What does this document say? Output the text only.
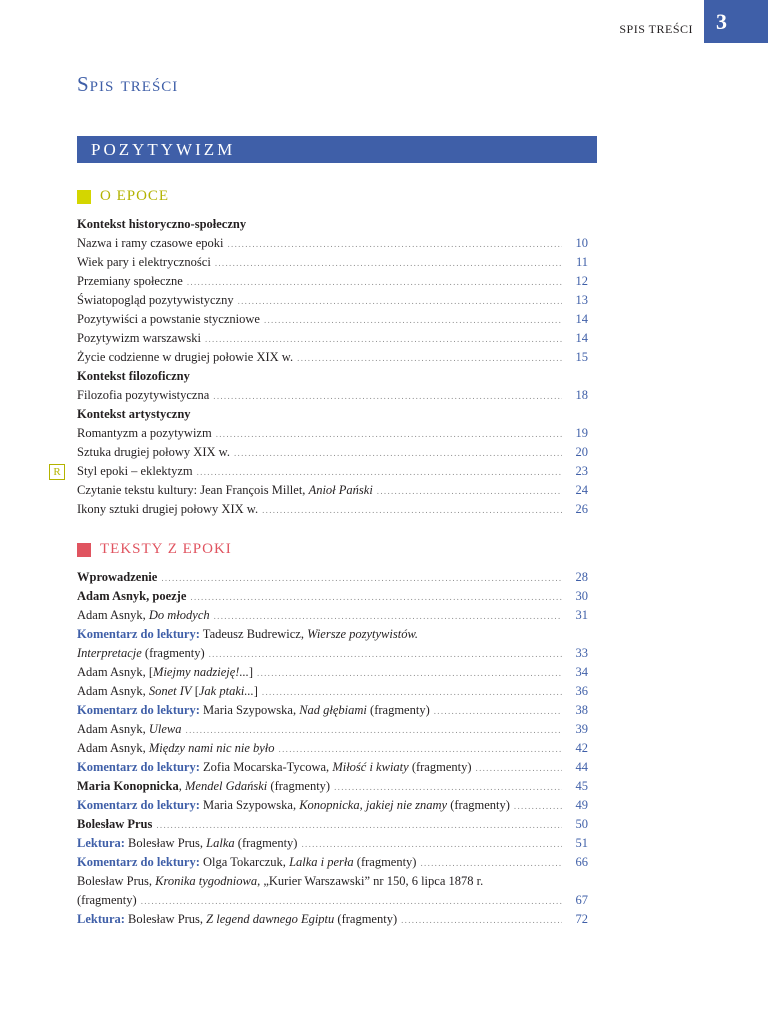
SPIS TREŚCI	3
Spis treści
POZYTYWIZM
O EPOCE
Kontekst historyczno-społeczny
Nazwa i ramy czasowe epoki .....	10
Wiek pary i elektryczności .....	11
Przemiany społeczne .....	12
Światopogląd pozytywistyczny .....	13
Pozytywiści a powstanie styczniowe .....	14
Pozytywizm warszawski .....	14
Życie codzienne w drugiej połowie XIX w. .....	15
Kontekst filozoficzny
Filozofia pozytywistyczna .....	18
Kontekst artystyczny
Romantyzm a pozytywizm .....	19
Sztuka drugiej połowy XIX w. .....	20
R	Styl epoki – eklektyzm .....	23
Czytanie tekstu kultury: Jean François Millet, Anioł Pański .....	24
Ikony sztuki drugiej połowy XIX w. .....	26
TEKSTY Z EPOKI
Wprowadzenie .....	28
Adam Asnyk, poezje .....	30
Adam Asnyk, Do młodych .....	31
Komentarz do lektury: Tadeusz Budrewicz, Wiersze pozytywistów.
Interpretacje (fragmenty) .....	33
Adam Asnyk, [Miejmy nadzieję!...] .....	34
Adam Asnyk, Sonet IV [Jak ptaki...] .....	36
Komentarz do lektury: Maria Szypowska, Nad głębiami (fragmenty) .....	38
Adam Asnyk, Ulewa .....	39
Adam Asnyk, Między nami nic nie było .....	42
Komentarz do lektury: Zofia Mocarska-Tycowa, Miłość i kwiaty (fragmenty) .....	44
Maria Konopnicka, Mendel Gdański (fragmenty) .....	45
Komentarz do lektury: Maria Szypowska, Konopnicka, jakiej nie znamy (fragmenty) .....	49
Bolesław Prus .....	50
Lektura: Bolesław Prus, Lalka (fragmenty) .....	51
Komentarz do lektury: Olga Tokarczuk, Lalka i perła (fragmenty) .....	66
Bolesław Prus, Kronika tygodniowa, „Kurier Warszawski” nr 150, 6 lipca 1878 r.
(fragmenty) .....	67
Lektura: Bolesław Prus, Z legend dawnego Egiptu (fragmenty) .....	72
